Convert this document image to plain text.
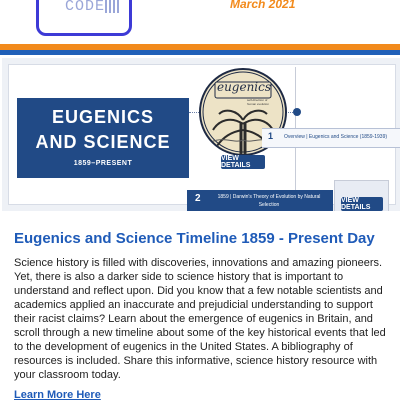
CODE	March 2021
EUGENICS
AND SCIENCE
1859–PRESENT
eugenics
self-direction of human evolution
VIEW DETAILS
1 Overview | Eugenics and Science (1859-1939)
2	1859 | Darwin's Theory of Evolution by Natural Selection
VIEW DETAILS
Eugenics and Science Timeline 1859 - Present Day
Science history is filled with discoveries, innovations and amazing pioneers. Yet, there is also a darker side to science history that is important to understand and reflect upon. Did you know that a few notable scientists and academics applied an inaccurate and prejudicial understanding to support their racist claims? Learn about the emergence of eugenics in Britain, and scroll through a new timeline about some of the key historical events that led to the development of eugenics in the United States. A bibliography of resources is included. Share this informative, science history resource with your classroom today.
Learn More Here
